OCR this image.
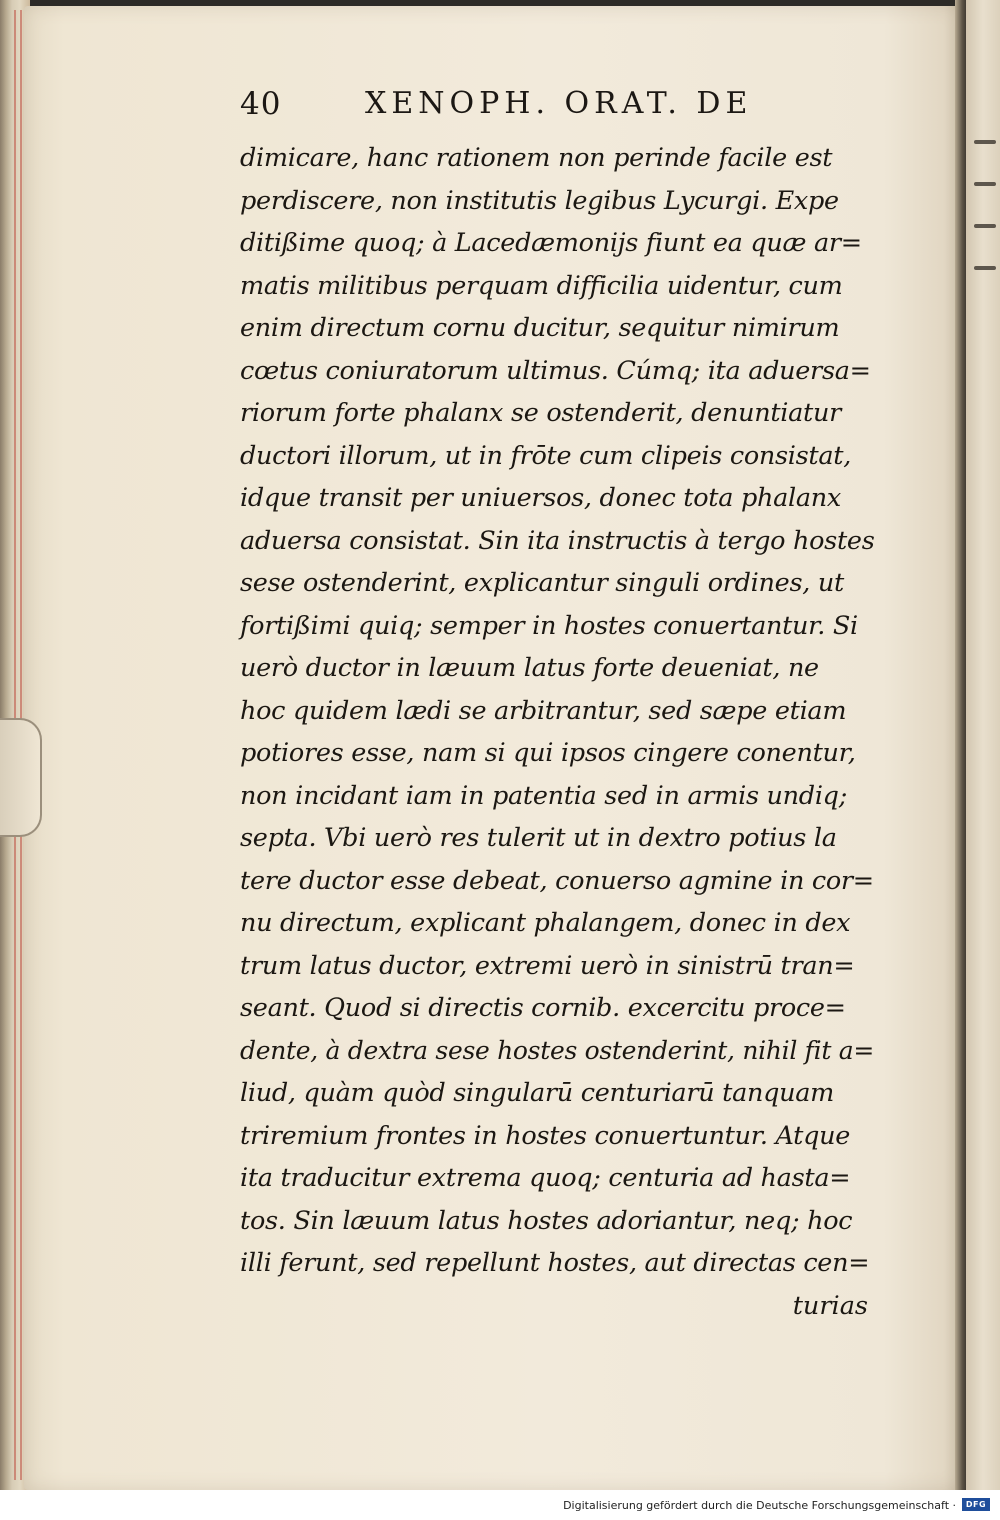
40	XENOPH. ORAT. DE
dimicare, hanc rationem non perinde facile est
perdiscere, non institutis legibus Lycurgi. Expe
ditißime quoq; à Lacedæmonijs fiunt ea quæ ar=
matis militibus perquam difficilia uidentur, cum
enim directum cornu ducitur, sequitur nimirum
cœtus coniuratorum ultimus. Cúmq; ita aduersa=
riorum forte phalanx se ostenderit, denuntiatur
ductori illorum, ut in frōte cum clipeis consistat,
idque transit per uniuersos, donec tota phalanx
aduersa consistat. Sin ita instructis à tergo hostes
sese ostenderint, explicantur singuli ordines, ut
fortißimi quiq; semper in hostes conuertantur. Si
uerò ductor in læuum latus forte deueniat, ne
hoc quidem lædi se arbitrantur, sed sæpe etiam
potiores esse, nam si qui ipsos cingere conentur,
non incidant iam in patentia sed in armis undiq;
septa. Vbi uerò res tulerit ut in dextro potius la
tere ductor esse debeat, conuerso agmine in cor=
nu directum, explicant phalangem, donec in dex
trum latus ductor, extremi uerò in sinistrū tran=
seant. Quod si directis cornib. excercitu proce=
dente, à dextra sese hostes ostenderint, nihil fit a=
liud, quàm quòd singularū centuriarū tanquam
triremium frontes in hostes conuertuntur. Atque
ita traducitur extrema quoq; centuria ad hasta=
tos. Sin læuum latus hostes adoriantur, neq; hoc
illi ferunt, sed repellunt hostes, aut directas cen=
turias
Digitalisierung gefördert durch die Deutsche Forschungsgemeinschaft ·	DFG
